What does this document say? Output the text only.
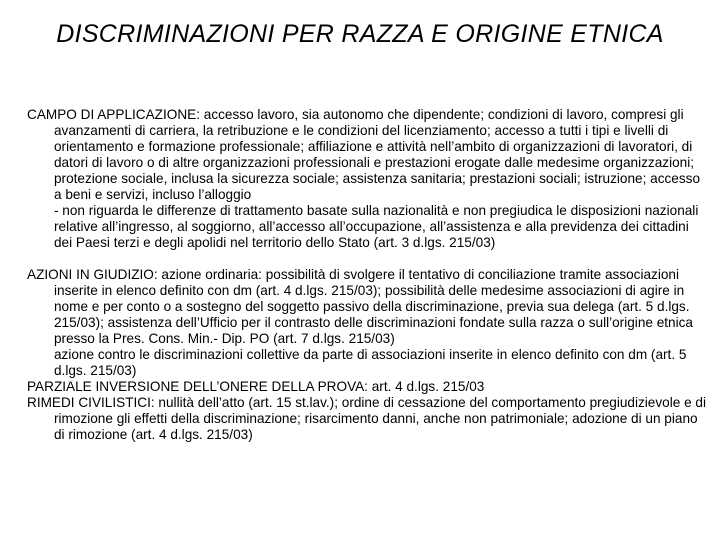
DISCRIMINAZIONI PER RAZZA E ORIGINE ETNICA

CAMPO DI APPLICAZIONE: accesso lavoro, sia autonomo che dipendente; condizioni di lavoro, compresi gli avanzamenti di carriera, la retribuzione e le condizioni del licenziamento; accesso a tutti i tipi e livelli di orientamento e formazione professionale; affiliazione e attività nell’ambito di organizzazioni di lavoratori, di datori di lavoro o di altre organizzazioni professionali e prestazioni erogate dalle medesime organizzazioni; protezione sociale, inclusa la sicurezza sociale; assistenza sanitaria; prestazioni sociali; istruzione; accesso a beni e servizi, incluso l’alloggio

- non riguarda le differenze di trattamento basate sulla nazionalità e non pregiudica le disposizioni nazionali relative all’ingresso, al soggiorno, all’accesso all’occupazione, all’assistenza e alla previdenza dei cittadini dei Paesi terzi e degli apolidi nel territorio dello Stato (art. 3 d.lgs. 215/03)

AZIONI IN GIUDIZIO: azione ordinaria: possibilità di svolgere il tentativo di conciliazione tramite associazioni inserite in elenco definito con dm (art. 4 d.lgs. 215/03); possibilità delle medesime associazioni di agire in nome e per conto o a sostegno del soggetto passivo della discriminazione, previa sua delega (art. 5 d.lgs. 215/03); assistenza dell’Ufficio per il contrasto delle discriminazioni fondate sulla razza o sull’origine etnica presso la Pres. Cons. Min.- Dip. PO (art. 7 d.lgs. 215/03)

azione contro le discriminazioni collettive da parte di associazioni inserite in elenco definito con dm (art. 5 d.lgs. 215/03)

PARZIALE INVERSIONE DELL’ONERE DELLA PROVA: art. 4 d.lgs. 215/03

RIMEDI CIVILISTICI: nullità dell’atto (art. 15 st.lav.); ordine di cessazione del comportamento pregiudizievole e di rimozione gli effetti della discriminazione; risarcimento danni, anche non patrimoniale; adozione di un piano di rimozione (art. 4 d.lgs. 215/03)
